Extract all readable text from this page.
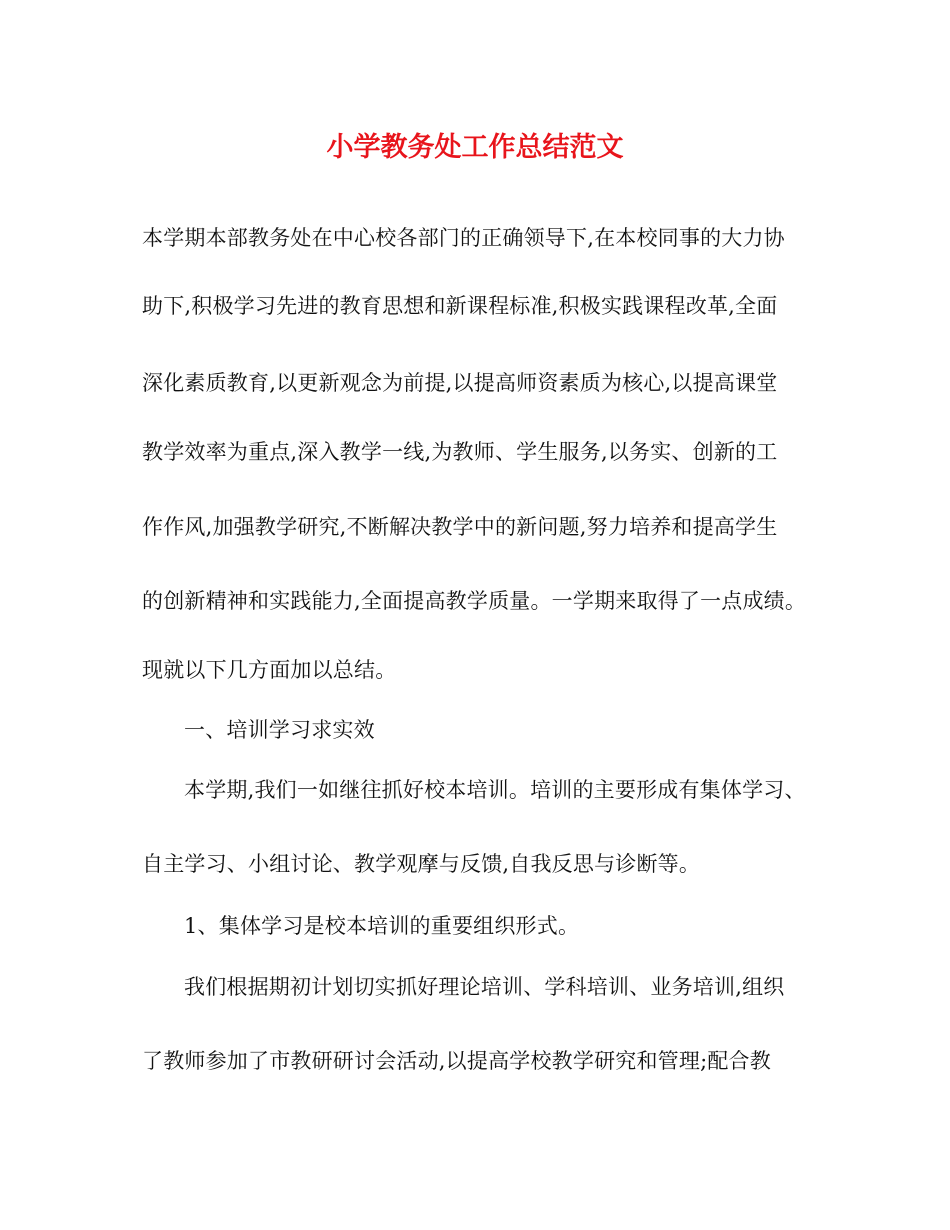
小学教务处工作总结范文
本学期本部教务处在中心校各部门的正确领导下,在本校同事的大力协
助下,积极学习先进的教育思想和新课程标准,积极实践课程改革,全面
深化素质教育,以更新观念为前提,以提高师资素质为核心,以提高课堂
教学效率为重点,深入教学一线,为教师、学生服务,以务实、创新的工
作作风,加强教学研究,不断解决教学中的新问题,努力培养和提高学生
的创新精神和实践能力,全面提高教学质量。一学期来取得了一点成绩。
现就以下几方面加以总结。
一、培训学习求实效
本学期,我们一如继往抓好校本培训。培训的主要形成有集体学习、
自主学习、小组讨论、教学观摩与反馈,自我反思与诊断等。
1、集体学习是校本培训的重要组织形式。
我们根据期初计划切实抓好理论培训、学科培训、业务培训,组织
了教师参加了市教研研讨会活动,以提高学校教学研究和管理;配合教
